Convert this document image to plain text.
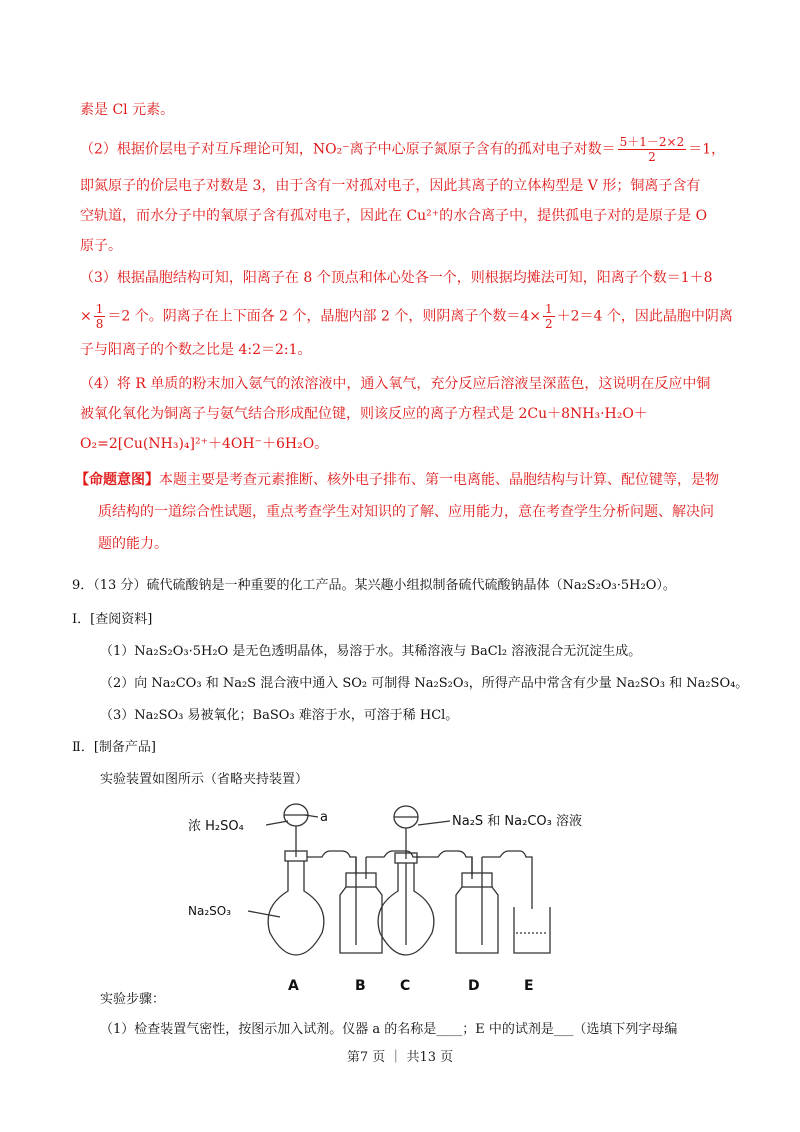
素是 Cl 元素。
（2）根据价层电子对互斥理论可知，NO₂⁻离子中心原子氮原子含有的孤对电子对数＝ $\frac{5+1-2\times 2}{2} =1$，
即氮原子的价层电子对数是 3，由于含有一对孤对电子，因此其离子的立体构型是 V 形；铜离子含有
空轨道，而水分子中的氧原子含有孤对电子，因此在 Cu²⁺的水合离子中，提供孤电子对的是原子是 O
原子。
（3）根据晶胞结构可知，阳离子在 8 个顶点和体心处各一个，则根据均摊法可知，阳离子个数＝1＋8
× $\frac{1}{8} =2$ 个。阴离子在上下面各 2 个，晶胞内部 2 个，则阴离子个数$=4\times \frac{1}{2} +2=4$ 个，因此晶胞中阴离
子与阳离子的个数之比是 4:2＝2:1。
（4）将 R 单质的粉末加入氨气的浓溶液中，通入氧气，充分反应后溶液呈深蓝色，这说明在反应中铜
被氧化氧化为铜离子与氨气结合形成配位键，则该反应的离子方程式是 2Cu＋8NH₃·H₂O＋
O₂=2[Cu(NH₃)₄]²⁺＋4OH⁻＋6H₂O。
【命题意图】本题主要是考查元素推断、核外电子排布、第一电离能、晶胞结构与计算、配位键等，是物
质结构的一道综合性试题，重点考查学生对知识的了解、应用能力，意在考查学生分析问题、解决问
题的能力。
9．（13 分）硫代硫酸钠是一种重要的化工产品。某兴趣小组拟制备硫代硫酸钠晶体（Na₂S₂O₃·5H₂O）。
I．[查阅资料]
（1）Na₂S₂O₃·5H₂O 是无色透明晶体，易溶于水。其稀溶液与 BaCl₂ 溶液混合无沉淀生成。
（2）向 Na₂CO₃ 和 Na₂S 混合液中通入 SO₂ 可制得 Na₂S₂O₃，所得产品中常含有少量 Na₂SO₃ 和 Na₂SO₄。
（3）Na₂SO₃ 易被氧化；BaSO₃ 难溶于水，可溶于稀 HCl。
Ⅱ．[制备产品]
实验装置如图所示（省略夹持装置）
浓 H₂SO₄
a
Na₂SO₃
Na₂S 和 Na₂CO₃ 溶液
A	B C	D	E
实验步骤：
（1）检查装置气密性，按图示加入试剂。仪器 a 的名称是____；E 中的试剂是___（选填下列字母编
第7 页 ｜ 共13 页
